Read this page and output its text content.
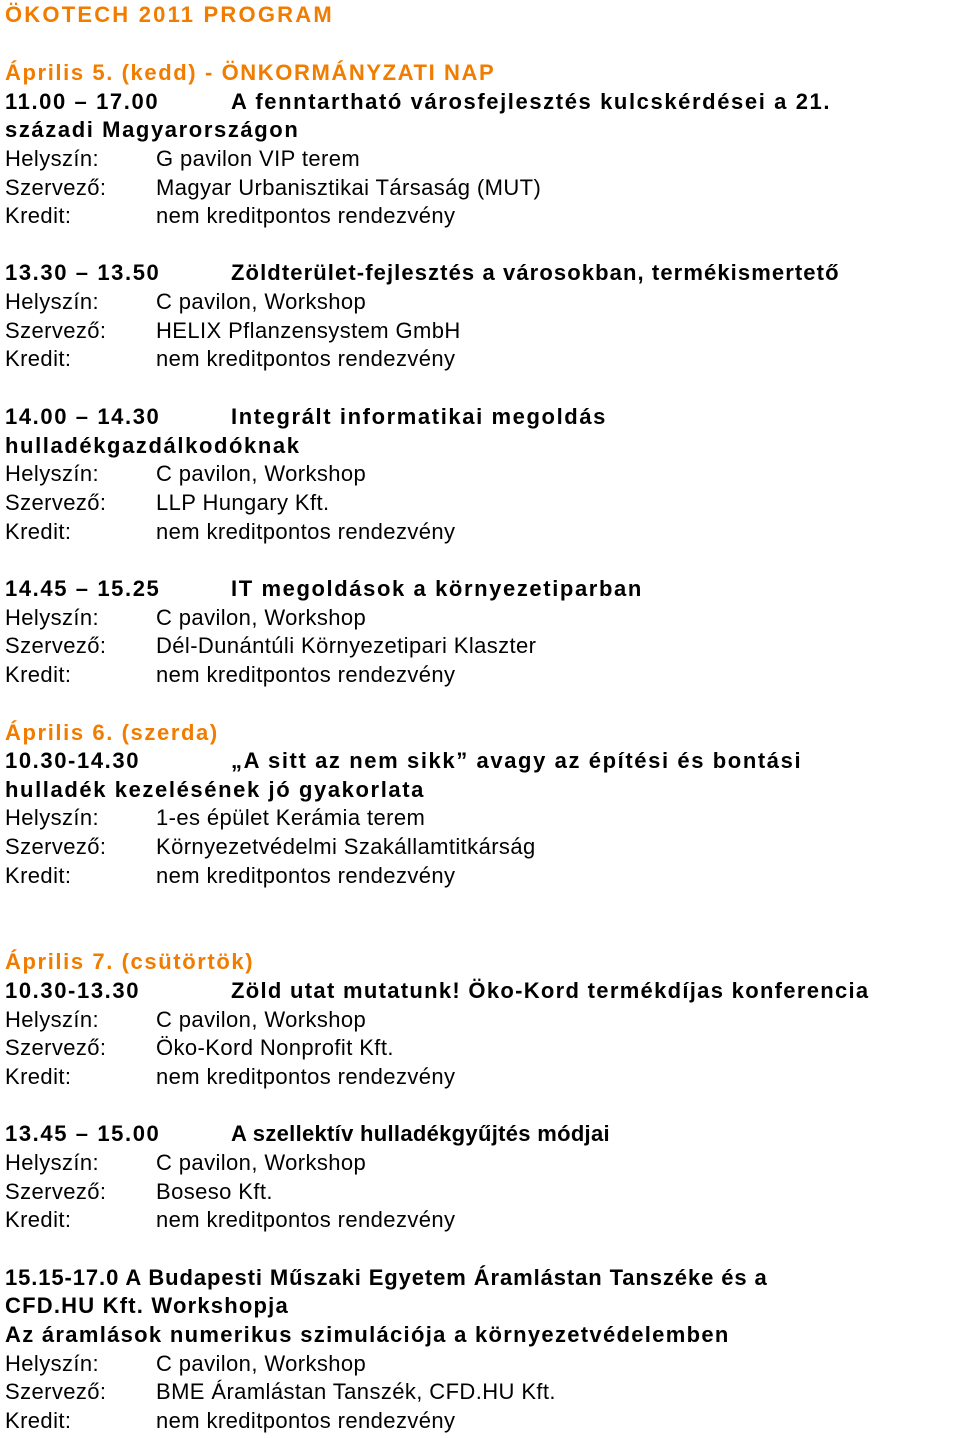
ÖKOTECH 2011 PROGRAM
Április 5. (kedd) - ÖNKORMÁNYZATI NAP
11.00 – 17.00	A fenntartható városfejlesztés kulcskérdései a 21.
századi Magyarországon
Helyszín:	G pavilon VIP terem
Szervező: Magyar Urbanisztikai Társaság (MUT)
Kredit:	nem kreditpontos rendezvény
13.30 – 13.50	Zöldterület-fejlesztés a városokban, termékismertető
Helyszín:	C pavilon, Workshop
Szervező: HELIX Pflanzensystem GmbH
Kredit:	nem kreditpontos rendezvény
14.00 – 14.30	Integrált informatikai megoldás
hulladékgazdálkodóknak
Helyszín:	C pavilon, Workshop
Szervező: LLP Hungary Kft.
Kredit:	nem kreditpontos rendezvény
14.45 – 15.25	IT megoldások a környezetiparban
Helyszín:	C pavilon, Workshop
Szervező: Dél-Dunántúli Környezetipari Klaszter
Kredit:	nem kreditpontos rendezvény
Április 6. (szerda)
10.30-14.30	„A sitt az nem sikk” avagy az építési és bontási
hulladék kezelésének jó gyakorlata
Helyszín:	1-es épület Kerámia terem
Szervező: Környezetvédelmi Szakállamtitkárság
Kredit:	nem kreditpontos rendezvény
Április 7. (csütörtök)
10.30-13.30	Zöld utat mutatunk! Öko-Kord termékdíjas konferencia
Helyszín:	C pavilon, Workshop
Szervező: Öko-Kord Nonprofit Kft.
Kredit:	nem kreditpontos rendezvény
13.45 – 15.00	A szellektív hulladékgyűjtés módjai
Helyszín:	C pavilon, Workshop
Szervező: Boseso Kft.
Kredit:	nem kreditpontos rendezvény
15.15-17.0 A Budapesti Műszaki Egyetem Áramlástan Tanszéke és a
CFD.HU Kft. Workshopja
Az áramlások numerikus szimulációja a környezetvédelemben
Helyszín:	C pavilon, Workshop
Szervező: BME Áramlástan Tanszék, CFD.HU Kft.
Kredit:	nem kreditpontos rendezvény
